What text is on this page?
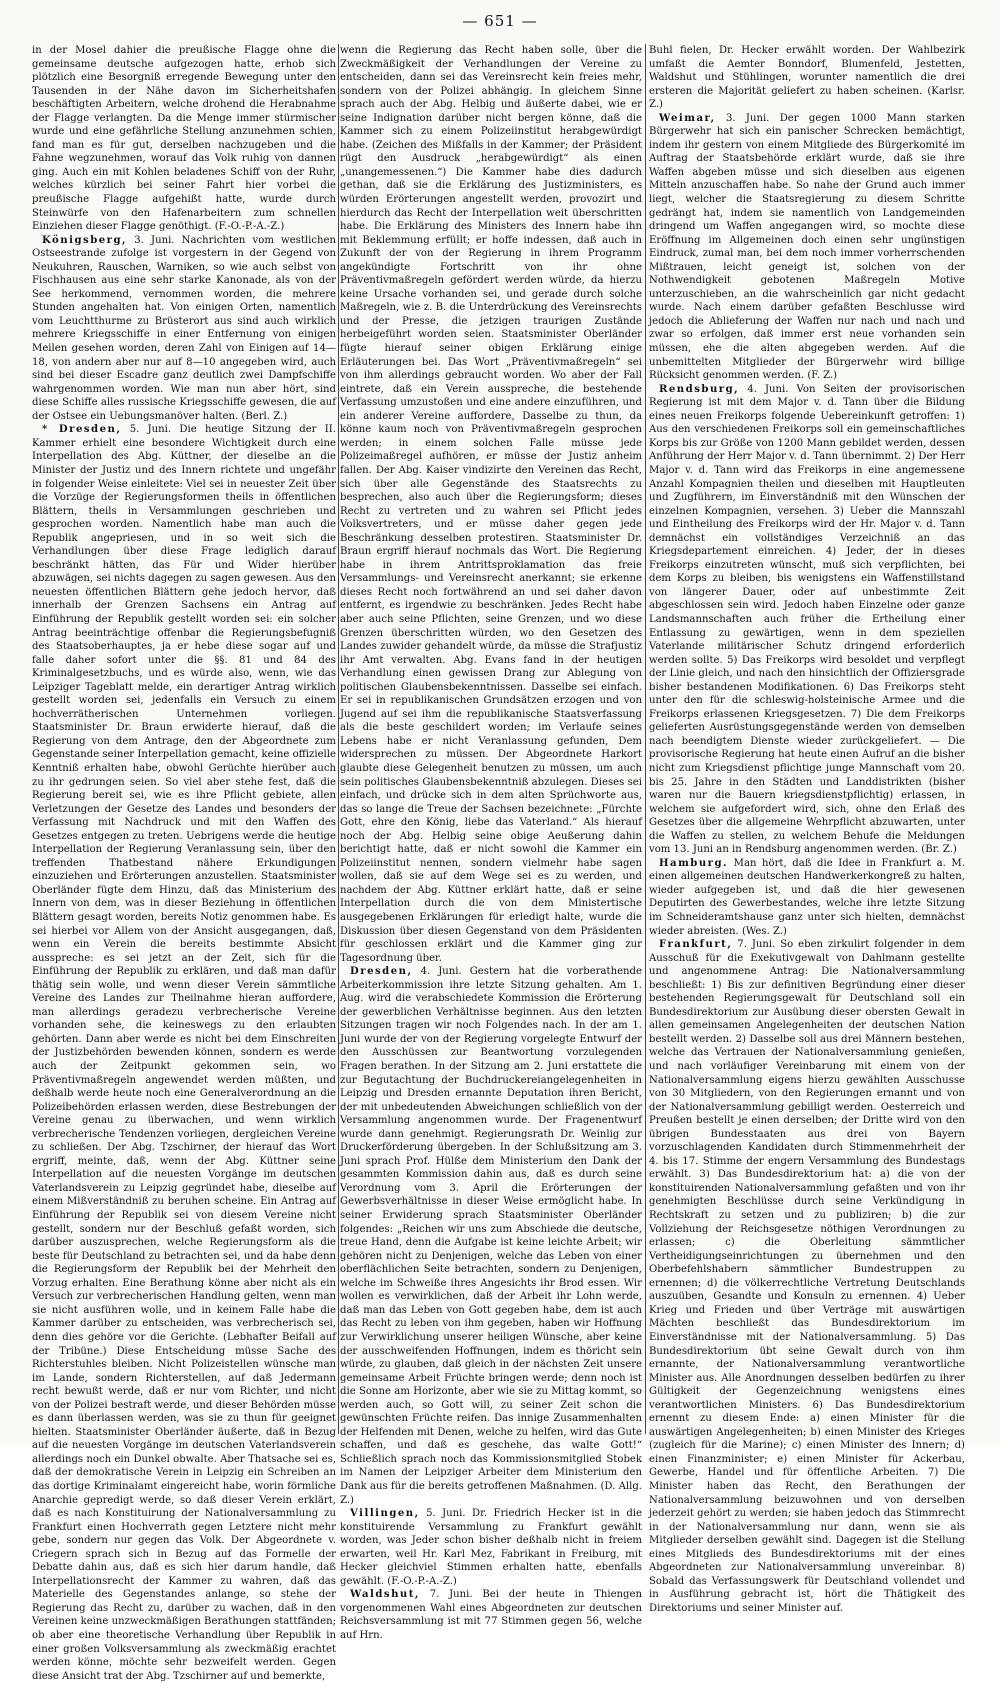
— 651 —

in der Mosel dahier die preußische Flagge ohne die gemeinsame deutsche aufgezogen hatte, erhob sich plötzlich eine Besorgniß erregende Bewegung unter den Tausenden in der Nähe davon im Sicherheitshafen beschäftigten Arbeitern, welche drohend die Herabnahme der Flagge verlangten. Da die Menge immer stürmischer wurde und eine gefährliche Stellung anzunehmen schien, fand man es für gut, derselben nachzugeben und die Fahne wegzunehmen, worauf das Volk ruhig von dannen ging. Auch ein mit Kohlen beladenes Schiff von der Ruhr, welches kürzlich bei seiner Fahrt hier vorbei die preußische Flagge aufgehißt hatte, wurde durch Steinwürfe von den Hafenarbeitern zum schnellen Einziehen dieser Flagge genöthigt. (F.-O.-P.-A.-Z.)

Königsberg, 3. Juni. Nachrichten vom westlichen Ostseestrande zufolge ist vorgestern in der Gegend von Neukuhren, Rauschen, Warniken, so wie auch selbst von Fischhausen aus eine sehr starke Kanonade, als von der See herkommend, vernommen worden, die mehrere Stunden angehalten hat. Von einigen Orten, namentlich vom Leuchtthurme zu Brüsterort aus sind auch wirklich mehrere Kriegsschiffe in einer Entfernung von einigen Meilen gesehen worden, deren Zahl von Einigen auf 14—18, von andern aber nur auf 8—10 angegeben wird, auch sind bei dieser Escadre ganz deutlich zwei Dampfschiffe wahrgenommen worden. Wie man nun aber hört, sind diese Schiffe alles russische Kriegsschiffe gewesen, die auf der Ostsee ein Uebungsmanöver halten. (Berl. Z.)

* Dresden, 5. Juni. Die heutige Sitzung der II. Kammer erhielt eine besondere Wichtigkeit durch eine Interpellation des Abg. Küttner, der dieselbe an die Minister der Justiz und des Innern richtete und ungefähr in folgender Weise einleitete: Viel sei in neuester Zeit über die Vorzüge der Regierungsformen theils in öffentlichen Blättern, theils in Versammlungen geschrieben und gesprochen worden. Namentlich habe man auch die Republik angepriesen, und in so weit sich die Verhandlungen über diese Frage lediglich darauf beschränkt hätten, das Für und Wider hierüber abzuwägen, sei nichts dagegen zu sagen gewesen. Aus den neuesten öffentlichen Blättern gehe jedoch hervor, daß innerhalb der Grenzen Sachsens ein Antrag auf Einführung der Republik gestellt worden sei: ein solcher Antrag beeinträchtige offenbar die Regierungsbefugniß des Staatsoberhauptes, ja er hebe diese sogar auf und falle daher sofort unter die §§. 81 und 84 des Kriminalgesetzbuchs, und es würde also, wenn, wie das Leipziger Tageblatt melde, ein derartiger Antrag wirklich gestellt worden sei, jedenfalls ein Versuch zu einem hochverrätherischen Unternehmen vorliegen. Staatsminister Dr. Braun erwiderte hierauf, daß die Regierung von dem Antrage, den der Abgeordnete zum Gegenstande seiner Interpellation gemacht, keine offizielle Kenntniß erhalten habe, obwohl Gerüchte hierüber auch zu ihr gedrungen seien. So viel aber stehe fest, daß die Regierung bereit sei, wie es ihre Pflicht gebiete, allen Verletzungen der Gesetze des Landes und besonders der Verfassung mit Nachdruck und mit den Waffen des Gesetzes entgegen zu treten. Uebrigens werde die heutige Interpellation der Regierung Veranlassung sein, über den treffenden Thatbestand nähere Erkundigungen einzuziehen und Erörterungen anzustellen. Staatsminister Oberländer fügte dem Hinzu, daß das Ministerium des Innern von dem, was in dieser Beziehung in öffentlichen Blättern gesagt worden, bereits Notiz genommen habe. Es sei hierbei vor Allem von der Ansicht ausgegangen, daß, wenn ein Verein die bereits bestimmte Absicht ausspreche: es sei jetzt an der Zeit, sich für die Einführung der Republik zu erklären, und daß man dafür thätig sein wolle, und wenn dieser Verein sämmtliche Vereine des Landes zur Theilnahme hieran auffordere, man allerdings geradezu verbrecherische Vereine vorhanden sehe, die keineswegs zu den erlaubten gehörten. Dann aber werde es nicht bei dem Einschreiten der Justizbehörden bewenden können, sondern es werde auch der Zeitpunkt gekommen sein, wo Präventivmaßregeln angewendet werden müßten, und deßhalb werde heute noch eine Generalverordnung an die Polizeibehörden erlassen werden, diese Bestrebungen der Vereine genau zu überwachen, und wenn wirklich verbrecherische Tendenzen vorliegen, dergleichen Vereine zu schließen. Der Abg. Tzschirner, der hierauf das Wort ergriff, meinte, daß, wenn der Abg. Küttner seine Interpellation auf die neuesten Vorgänge im deutschen Vaterlandsverein zu Leipzig gegründet habe, dieselbe auf einem Mißverständniß zu beruhen scheine. Ein Antrag auf Einführung der Republik sei von diesem Vereine nicht gestellt, sondern nur der Beschluß gefaßt worden, sich darüber auszusprechen, welche Regierungsform als die beste für Deutschland zu betrachten sei, und da habe denn die Regierungsform der Republik bei der Mehrheit den Vorzug erhalten. Eine Berathung könne aber nicht als ein Versuch zur verbrecherischen Handlung gelten, wenn man sie nicht ausführen wolle, und in keinem Falle habe die Kammer darüber zu entscheiden, was verbrecherisch sei, denn dies gehöre vor die Gerichte. (Lebhafter Beifall auf der Tribüne.) Diese Entscheidung müsse Sache des Richterstuhles bleiben. Nicht Polizeistellen wünsche man im Lande, sondern Richterstellen, auf daß Jedermann recht bewußt werde, daß er nur vom Richter, und nicht von der Polizei bestraft werde, und dieser Behörden müsse es dann überlassen werden, was sie zu thun für geeignet hielten. Staatsminister Oberländer äußerte, daß in Bezug auf die neuesten Vorgänge im deutschen Vaterlandsverein allerdings noch ein Dunkel obwalte. Aber Thatsache sei es, daß der demokratische Verein in Leipzig ein Schreiben an das dortige Kriminalamt eingereicht habe, worin förmliche Anarchie gepredigt werde, so daß dieser Verein erklärt, daß es nach Konstituirung der Nationalversammlung zu Frankfurt einen Hochverrath gegen Letztere nicht mehr gebe, sondern nur gegen das Volk. Der Abgeordnete v. Criegern sprach sich in Bezug auf das Formelle der Debatte dahin aus, daß es sich hier darum handle, daß Interpellationsrecht der Kammer zu wahren, daß das Materielle des Gegenstandes anlange, so stehe der Regierung das Recht zu, darüber zu wachen, daß in den Vereinen keine unzweckmäßigen Berathungen stattfänden; ob aber eine theoretische Verhandlung über Republik in einer großen Volksversammlung als zweckmäßig erachtet werden könne, möchte sehr bezweifelt werden. Gegen diese Ansicht trat der Abg. Tzschirner auf und bemerkte,

wenn die Regierung das Recht haben solle, über die Zweckmäßigkeit der Verhandlungen der Vereine zu entscheiden, dann sei das Vereinsrecht kein freies mehr, sondern von der Polizei abhängig. In gleichem Sinne sprach auch der Abg. Helbig und äußerte dabei, wie er seine Indignation darüber nicht bergen könne, daß die Kammer sich zu einem Polizeiinstitut herabgewürdigt habe. (Zeichen des Mißfalls in der Kammer; der Präsident rügt den Ausdruck „herabgewürdigt“ als einen „unangemessenen.“) Die Kammer habe dies dadurch gethan, daß sie die Erklärung des Justizministers, es würden Erörterungen angestellt werden, provozirt und hierdurch das Recht der Interpellation weit überschritten habe. Die Erklärung des Ministers des Innern habe ihn mit Beklemmung erfüllt; er hoffe indessen, daß auch in Zukunft der von der Regierung in ihrem Programm angekündigte Fortschritt von ihr ohne Präventivmaßregeln gefördert werden würde, da hierzu keine Ursache vorhanden sei, und gerade durch solche Maßregeln, wie z. B. die Unterdrückung des Vereinsrechts und der Presse, die jetzigen traurigen Zustände herbeigeführt worden seien. Staatsminister Oberländer fügte hierauf seiner obigen Erklärung einige Erläuterungen bei. Das Wort „Präventivmaßregeln“ sei von ihm allerdings gebraucht worden. Wo aber der Fall eintrete, daß ein Verein ausspreche, die bestehende Verfassung umzustoßen und eine andere einzuführen, und ein anderer Vereine auffordere, Dasselbe zu thun, da könne kaum noch von Präventivmaßregeln gesprochen werden; in einem solchen Falle müsse jede Polizeimaßregel aufhören, er müsse der Justiz anheim fallen. Der Abg. Kaiser vindizirte den Vereinen das Recht, sich über alle Gegenstände des Staatsrechts zu besprechen, also auch über die Regierungsform; dieses Recht zu vertreten und zu wahren sei Pflicht jedes Volksvertreters, und er müsse daher gegen jede Beschränkung desselben protestiren. Staatsminister Dr. Braun ergriff hierauf nochmals das Wort. Die Regierung habe in ihrem Antrittsproklamation das freie Versammlungs- und Vereinsrecht anerkannt; sie erkenne dieses Recht noch fortwährend an und sei daher davon entfernt, es irgendwie zu beschränken. Jedes Recht habe aber auch seine Pflichten, seine Grenzen, und wo diese Grenzen überschritten würden, wo den Gesetzen des Landes zuwider gehandelt würde, da müsse die Strafjustiz ihr Amt verwalten. Abg. Evans fand in der heutigen Verhandlung einen gewissen Drang zur Ablegung von politischen Glaubensbekenntnissen. Dasselbe sei einfach. Er sei in republikanischen Grundsätzen erzogen und von Jugend auf sei ihm die republikanische Staatsverfassung als die beste geschildert worden; im Verlaufe seines Lebens habe er nicht Veranlassung gefunden, Dem widersprechen zu müssen. Der Abgeordnete Harkort glaubte diese Gelegenheit benutzen zu müssen, um auch sein politisches Glaubensbekenntniß abzulegen. Dieses sei einfach, und drücke sich in dem alten Sprüchworte aus, das so lange die Treue der Sachsen bezeichnete: „Fürchte Gott, ehre den König, liebe das Vaterland.“ Als hierauf noch der Abg. Helbig seine obige Aeußerung dahin berichtigt hatte, daß er nicht sowohl die Kammer ein Polizeiinstitut nennen, sondern vielmehr habe sagen wollen, daß sie auf dem Wege sei es zu werden, und nachdem der Abg. Küttner erklärt hatte, daß er seine Interpellation durch die von dem Ministertische ausgegebenen Erklärungen für erledigt halte, wurde die Diskussion über diesen Gegenstand von dem Präsidenten für geschlossen erklärt und die Kammer ging zur Tagesordnung über.

Dresden, 4. Juni. Gestern hat die vorberathende Arbeiterkommission ihre letzte Sitzung gehalten. Am 1. Aug. wird die verabschiedete Kommission die Erörterung der gewerblichen Verhältnisse beginnen. Aus den letzten Sitzungen tragen wir noch Folgendes nach. In der am 1. Juni wurde der von der Regierung vorgelegte Entwurf der den Ausschüssen zur Beantwortung vorzulegenden Fragen berathen. In der Sitzung am 2. Juni erstattete die zur Begutachtung der Buchdruckereiangelegenheiten in Leipzig und Dresden ernannte Deputation ihren Bericht, der mit unbedeutenden Abweichungen schließlich von der Versammlung angenommen wurde. Der Fragenentwurf wurde dann genehmigt. Regierungsrath Dr. Weinlig zur Druckerförderung übergeben. In der Schlußsitzung am 3. Juni sprach Prof. Hülße dem Ministerium den Dank der gesammten Kommission dahin aus, daß es durch seine Verordnung vom 3. April die Erörterungen der Gewerbsverhältnisse in dieser Weise ermöglicht habe. In seiner Erwiderung sprach Staatsminister Oberländer folgendes: „Reichen wir uns zum Abschiede die deutsche, treue Hand, denn die Aufgabe ist keine leichte Arbeit; wir gehören nicht zu Denjenigen, welche das Leben von einer oberflächlichen Seite betrachten, sondern zu Denjenigen, welche im Schweiße ihres Angesichts ihr Brod essen. Wir wollen es verwirklichen, daß der Arbeit ihr Lohn werde, daß man das Leben von Gott gegeben habe, dem ist auch das Recht zu leben von ihm gegeben, haben wir Hoffnung zur Verwirklichung unserer heiligen Wünsche, aber keine der ausschweifenden Hoffnungen, indem es thöricht sein würde, zu glauben, daß gleich in der nächsten Zeit unsere gemeinsame Arbeit Früchte bringen werde; denn noch ist die Sonne am Horizonte, aber wie sie zu Mittag kommt, so werden auch, so Gott will, zu seiner Zeit schon die gewünschten Früchte reifen. Das innige Zusammenhalten der Helfenden mit Denen, welche zu helfen, wird das Gute schaffen, und daß es geschehe, das walte Gott!“ Schließlich sprach noch das Kommissionsmitglied Stobek im Namen der Leipziger Arbeiter dem Ministerium den Dank aus für die bereits getroffenen Maßnahmen. (D. Allg. Z.)

Villingen, 5. Juni. Dr. Friedrich Hecker ist in die konstituirende Versammlung zu Frankfurt gewählt worden, was Jeder schon bisher deßhalb nicht in freiem erwarten, weil Hr. Karl Mez, Fabrikant in Freiburg, mit Hecker gleichviel Stimmen erhalten hatte, ebenfalls gewählt. (F.-O.-P.-A.-Z.)

Waldshut, 7. Juni. Bei der heute in Thiengen vorgenommenen Wahl eines Abgeordneten zur deutschen Reichsversammlung ist mit 77 Stimmen gegen 56, welche auf Hrn.

Buhl fielen, Dr. Hecker erwählt worden. Der Wahlbezirk umfaßt die Aemter Bonndorf, Blumenfeld, Jestetten, Waldshut und Stühlingen, worunter namentlich die drei ersteren die Majorität geliefert zu haben scheinen. (Karlsr. Z.)

Weimar, 3. Juni. Der gegen 1000 Mann starken Bürgerwehr hat sich ein panischer Schrecken bemächtigt, indem ihr gestern von einem Mitgliede des Bürgerkomité im Auftrag der Staatsbehörde erklärt wurde, daß sie ihre Waffen abgeben müsse und sich dieselben aus eigenen Mitteln anzuschaffen habe. So nahe der Grund auch immer liegt, welcher die Staatsregierung zu diesem Schritte gedrängt hat, indem sie namentlich von Landgemeinden dringend um Waffen angegangen wird, so mochte diese Eröffnung im Allgemeinen doch einen sehr ungünstigen Eindruck, zumal man, bei dem noch immer vorherrschenden Mißtrauen, leicht geneigt ist, solchen von der Nothwendigkeit gebotenen Maßregeln Motive unterzuschieben, an die wahrscheinlich gar nicht gedacht wurde. Nach einem darüber gefaßten Beschlusse wird jedoch die Ablieferung der Waffen nur nach und nach und zwar so erfolgen, daß immer erst neue vorhanden sein müssen, ehe die alten abgegeben werden. Auf die unbemittelten Mitglieder der Bürgerwehr wird billige Rücksicht genommen werden. (F. Z.)

Rendsburg, 4. Juni. Von Seiten der provisorischen Regierung ist mit dem Major v. d. Tann über die Bildung eines neuen Freikorps folgende Uebereinkunft getroffen: 1) Aus den verschiedenen Freikorps soll ein gemeinschaftliches Korps bis zur Größe von 1200 Mann gebildet werden, dessen Anführung der Herr Major v. d. Tann übernimmt. 2) Der Herr Major v. d. Tann wird das Freikorps in eine angemessene Anzahl Kompagnien theilen und dieselben mit Hauptleuten und Zugführern, im Einverständniß mit den Wünschen der einzelnen Kompagnien, versehen. 3) Ueber die Mannszahl und Eintheilung des Freikorps wird der Hr. Major v. d. Tann demnächst ein vollständiges Verzeichniß an das Kriegsdepartement einreichen. 4) Jeder, der in dieses Freikorps einzutreten wünscht, muß sich verpflichten, bei dem Korps zu bleiben, bis wenigstens ein Waffenstillstand von längerer Dauer, oder auf unbestimmte Zeit abgeschlossen sein wird. Jedoch haben Einzelne oder ganze Landsmannschaften auch früher die Ertheilung einer Entlassung zu gewärtigen, wenn in dem speziellen Vaterlande militärischer Schutz dringend erforderlich werden sollte. 5) Das Freikorps wird besoldet und verpflegt der Linie gleich, und nach den hinsichtlich der Offiziersgrade bisher bestandenen Modifikationen. 6) Das Freikorps steht unter den für die schleswig-holsteinische Armee und die Freikorps erlassenen Kriegsgesetzen. 7) Die dem Freikorps gelieferten Ausrüstungsgegenstände werden von demselben nach beendigtem Dienste wieder zurückgeliefert. — Die provisorische Regierung hat heute einen Aufruf an die bisher nicht zum Kriegsdienst pflichtige junge Mannschaft vom 20. bis 25. Jahre in den Städten und Landdistrikten (bisher waren nur die Bauern kriegsdienstpflichtig) erlassen, in welchem sie aufgefordert wird, sich, ohne den Erlaß des Gesetzes über die allgemeine Wehrpflicht abzuwarten, unter die Waffen zu stellen, zu welchem Behufe die Meldungen vom 13. Juni an in Rendsburg angenommen werden. (Br. Z.)

Hamburg. Man hört, daß die Idee in Frankfurt a. M. einen allgemeinen deutschen Handwerkerkongreß zu halten, wieder aufgegeben ist, und daß die hier gewesenen Deputirten des Gewerbestandes, welche ihre letzte Sitzung im Schneideramtshause ganz unter sich hielten, demnächst wieder abreisten. (Wes. Z.)

Frankfurt, 7. Juni. So eben zirkulirt folgender in dem Ausschuß für die Exekutivgewalt von Dahlmann gestellte und angenommene Antrag: Die Nationalversammlung beschließt: 1) Bis zur definitiven Begründung einer dieser bestehenden Regierungsgewalt für Deutschland soll ein Bundesdirektorium zur Ausübung dieser obersten Gewalt in allen gemeinsamen Angelegenheiten der deutschen Nation bestellt werden. 2) Dasselbe soll aus drei Männern bestehen, welche das Vertrauen der Nationalversammlung genießen, und nach vorläufiger Vereinbarung mit einem von der Nationalversammlung eigens hierzu gewählten Ausschusse von 30 Mitgliedern, von den Regierungen ernannt und von der Nationalversammlung gebilligt werden. Oesterreich und Preußen bestellt je einen derselben; der Dritte wird von den übrigen Bundesstaaten aus drei von Bayern vorzuschlagenden Kandidaten durch Stimmenmehrheit der 4. bis 17. Stimme der engern Versammlung des Bundestags erwählt. 3) Das Bundesdirektorium hat: a) die von der konstituirenden Nationalversammlung gefaßten und von ihr genehmigten Beschlüsse durch seine Verkündigung in Rechtskraft zu setzen und zu publiziren; b) die zur Vollziehung der Reichsgesetze nöthigen Verordnungen zu erlassen; c) die Oberleitung sämmtlicher Vertheidigungseinrichtungen zu übernehmen und den Oberbefehlshabern sämmtlicher Bundestruppen zu ernennen; d) die völkerrechtliche Vertretung Deutschlands auszuüben, Gesandte und Konsuln zu ernennen. 4) Ueber Krieg und Frieden und über Verträge mit auswärtigen Mächten beschließt das Bundesdirektorium im Einverständnisse mit der Nationalversammlung. 5) Das Bundesdirektorium übt seine Gewalt durch von ihm ernannte, der Nationalversammlung verantwortliche Minister aus. Alle Anordnungen desselben bedürfen zu ihrer Gültigkeit der Gegenzeichnung wenigstens eines verantwortlichen Ministers. 6) Das Bundesdirektorium ernennt zu diesem Ende: a) einen Minister für die auswärtigen Angelegenheiten; b) einen Minister des Krieges (zugleich für die Marine); c) einen Minister des Innern; d) einen Finanzminister; e) einen Minister für Ackerbau, Gewerbe, Handel und für öffentliche Arbeiten. 7) Die Minister haben das Recht, den Berathungen der Nationalversammlung beizuwohnen und von derselben jederzeit gehört zu werden; sie haben jedoch das Stimmrecht in der Nationalversammlung nur dann, wenn sie als Mitglieder derselben gewählt sind. Dagegen ist die Stellung eines Mitglieds des Bundesdirektoriums mit der eines Abgeordneten zur Nationalversammlung unvereinbar. 8) Sobald das Verfassungswerk für Deutschland vollendet und in Ausführung gebracht ist, hört die Thätigkeit des Direktoriums und seiner Minister auf.
